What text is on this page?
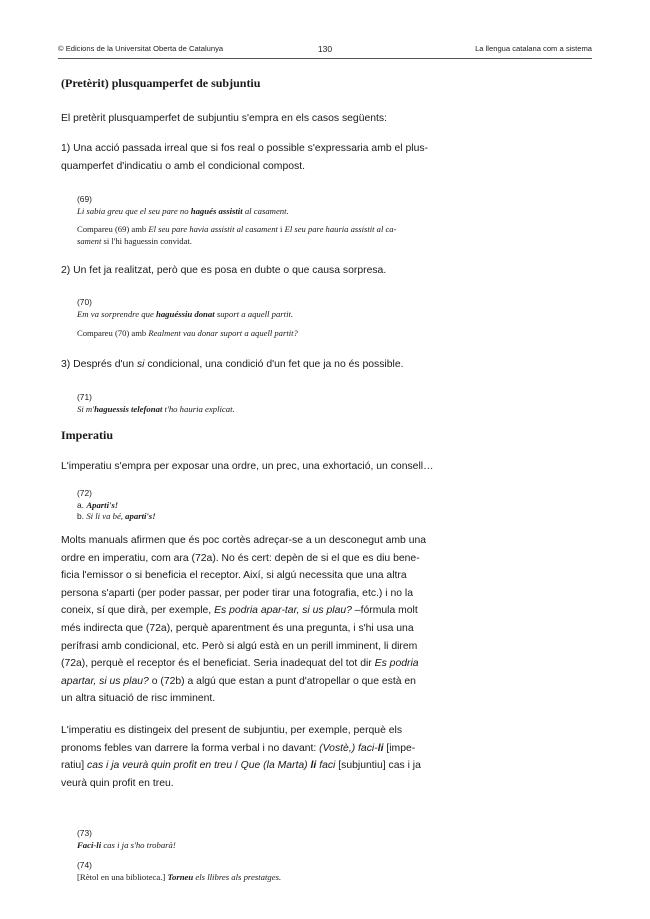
© Edicions de la Universitat Oberta de Catalunya	130	La llengua catalana com a sistema
(Pretèrit) plusquamperfet de subjuntiu

El pretèrit plusquamperfet de subjuntiu s'empra en els casos següents:

1) Una acció passada irreal que si fos real o possible s'expressaria amb el plus-
quamperfet d'indicatiu o amb el condicional compost.

(69)
Li sabia greu que el seu pare no hagués assistit al casament.
Compareu (69) amb El seu pare havia assistit al casament i El seu pare hauria assistit al ca-
sament si l'hi haguessin convidat.

2) Un fet ja realitzat, però que es posa en dubte o que causa sorpresa.

(70)
Em va sorprendre que haguéssiu donat suport a aquell partit.
Compareu (70) amb Realment vau donar suport a aquell partit?

3) Després d'un si condicional, una condició d'un fet que ja no és possible.

(71)
Si m'haguessis telefonat t'ho hauria explicat.
Imperatiu

L'imperatiu s'empra per exposar una ordre, un prec, una exhortació, un consell…

(72)
a. Aparti's!
b. Si li va bé, aparti's!
Molts manuals afirmen que és poc cortès adreçar-se a un desconegut amb una
ordre en imperatiu, com ara (72a). No és cert: depèn de si el que es diu bene-
ficia l'emissor o si beneficia el receptor. Així, si algú necessita que una altra
persona s'aparti (per poder passar, per poder tirar una fotografia, etc.) i no la
coneix, sí que dirà, per exemple, Es podria apar-tar, si us plau? –fórmula molt
més indirecta que (72a), perquè aparentment és una pregunta, i s'hi usa una
perífrasi amb condicional, etc. Però si algú està en un perill imminent, li direm
(72a), perquè el receptor és el beneficiat. Seria inadequat del tot dir Es podria
apartar, si us plau? o (72b) a algú que estan a punt d'atropellar o que està en
un altra situació de risc imminent.
L'imperatiu es distingeix del present de subjuntiu, per exemple, perquè els
pronoms febles van darrere la forma verbal i no davant: (Vostè,) faci-li [impe-
ratiu] cas i ja veurà quin profit en treu / Que (la Marta) li faci [subjuntiu] cas i ja
veurà quin profit en treu.
(73)
Faci-li cas i ja s'ho trobarà!
(74)
[Rètol en una biblioteca.] Torneu els llibres als prestatges.
